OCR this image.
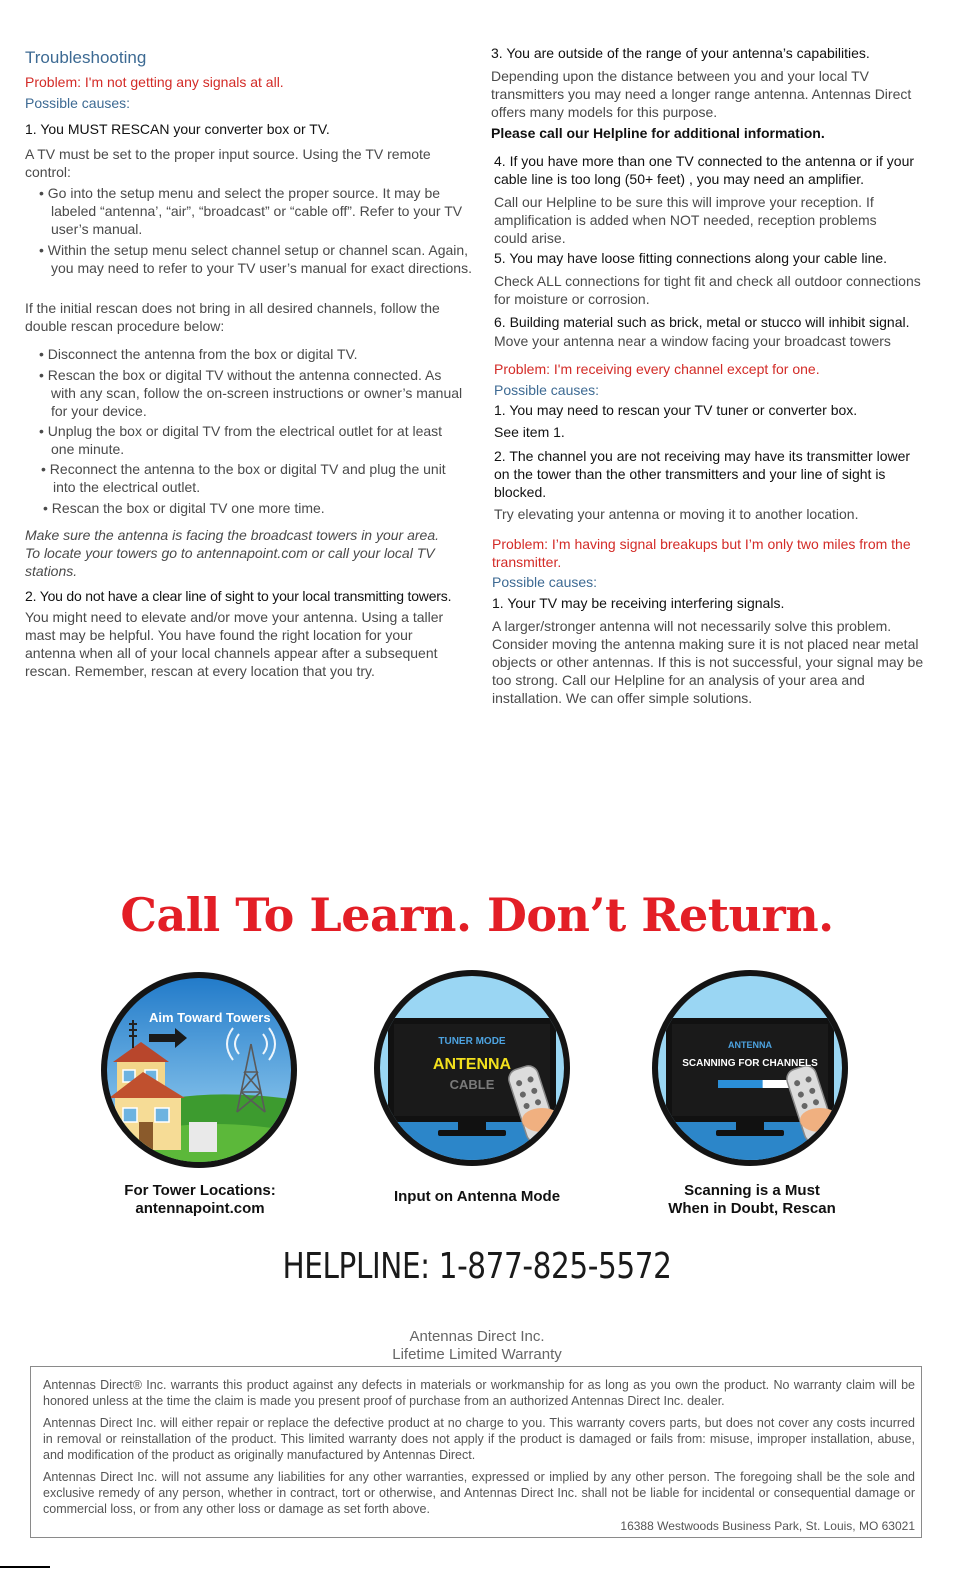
Troubleshooting

Problem: I'm not getting any signals at all.

Possible causes:

1. You MUST RESCAN your converter box or TV.

A TV must be set to the proper input source. Using the TV remote control:

• Go into the setup menu and select the proper source. It may be labeled “antenna’, “air”, “broadcast” or “cable off”. Refer to your TV user’s manual.

• Within the setup menu select channel setup or channel scan. Again, you may need to refer to your TV user’s manual for exact directions.

If the initial rescan does not bring in all desired channels, follow the double rescan procedure below:

• Disconnect the antenna from the box or digital TV.

• Rescan the box or digital TV without the antenna connected. As with any scan, follow the on-screen instructions or owner’s manual for your device.

• Unplug the box or digital TV from the electrical outlet for at least one minute.

• Reconnect the antenna to the box or digital TV and plug the unit into the electrical outlet.

• Rescan the box or digital TV one more time.

Make sure the antenna is facing the broadcast towers in your area. To locate your towers go to antennapoint.com or call your local TV stations.

2. You do not have a clear line of sight to your local transmitting towers.

You might need to elevate and/or move your antenna. Using a taller mast may be helpful. You have found the right location for your antenna when all of your local channels appear after a subsequent rescan. Remember, rescan at every location that you try.

3. You are outside of the range of your antenna’s capabilities.

Depending upon the distance between you and your local TV transmitters you may need a longer range antenna. Antennas Direct offers many models for this purpose.

Please call our Helpline for additional information.

4. If you have more than one TV connected to the antenna or if your cable line is too long (50+ feet) , you may need an amplifier.

Call our Helpline to be sure this will improve your reception. If amplification is added when NOT needed, reception problems could arise.

5. You may have loose fitting connections along your cable line.

Check ALL connections for tight fit and check all outdoor connections for moisture or corrosion.

6. Building material such as brick, metal or stucco will inhibit signal.

Move your antenna near a window facing your broadcast towers

Problem: I'm receiving every channel except for one.

Possible causes:

1. You may need to rescan your TV tuner or converter box.

See item 1.

2. The channel you are not receiving may have its transmitter lower on the tower than the other transmitters and your line of sight is blocked.

Try elevating your antenna or moving it to another location.

Problem: I’m having signal breakups but I’m only two miles from the transmitter.

Possible causes:

1. Your TV may be receiving interfering signals.

A larger/stronger antenna will not necessarily solve this problem. Consider moving the antenna making sure it is not placed near metal objects or other antennas. If this is not successful, your signal may be too strong. Call our Helpline for an analysis of your area and installation. We can offer simple solutions.

Call To Learn. Don’t Return.
Aim Toward Towers
TUNER MODE
ANTENNA
CABLE
ANTENNA
SCANNING FOR CHANNELS
For Tower Locations:
antennapoint.com
Input on Antenna Mode	Scanning is a Must
When in Doubt, Rescan
HELPLINE: 1-877-825-5572
Antennas Direct Inc.
Lifetime Limited Warranty

Antennas Direct® Inc. warrants this product against any defects in materials or workmanship for as long as you own the product. No warranty claim will be honored unless at the time the claim is made you present proof of purchase from an authorized Antennas Direct Inc. dealer.

Antennas Direct Inc. will either repair or replace the defective product at no charge to you. This warranty covers parts, but does not cover any costs incurred in removal or reinstallation of the product. This limited warranty does not apply if the product is damaged or fails from: misuse, improper installation, abuse, and modification of the product as originally manufactured by Antennas Direct.

Antennas Direct Inc. will not assume any liabilities for any other warranties, expressed or implied by any other person. The foregoing shall be the sole and exclusive remedy of any person, whether in contract, tort or otherwise, and Antennas Direct Inc. shall not be liable for incidental or consequential damage or commercial loss, or from any other loss or damage as set forth above.

16388 Westwoods Business Park, St. Louis, MO 63021
